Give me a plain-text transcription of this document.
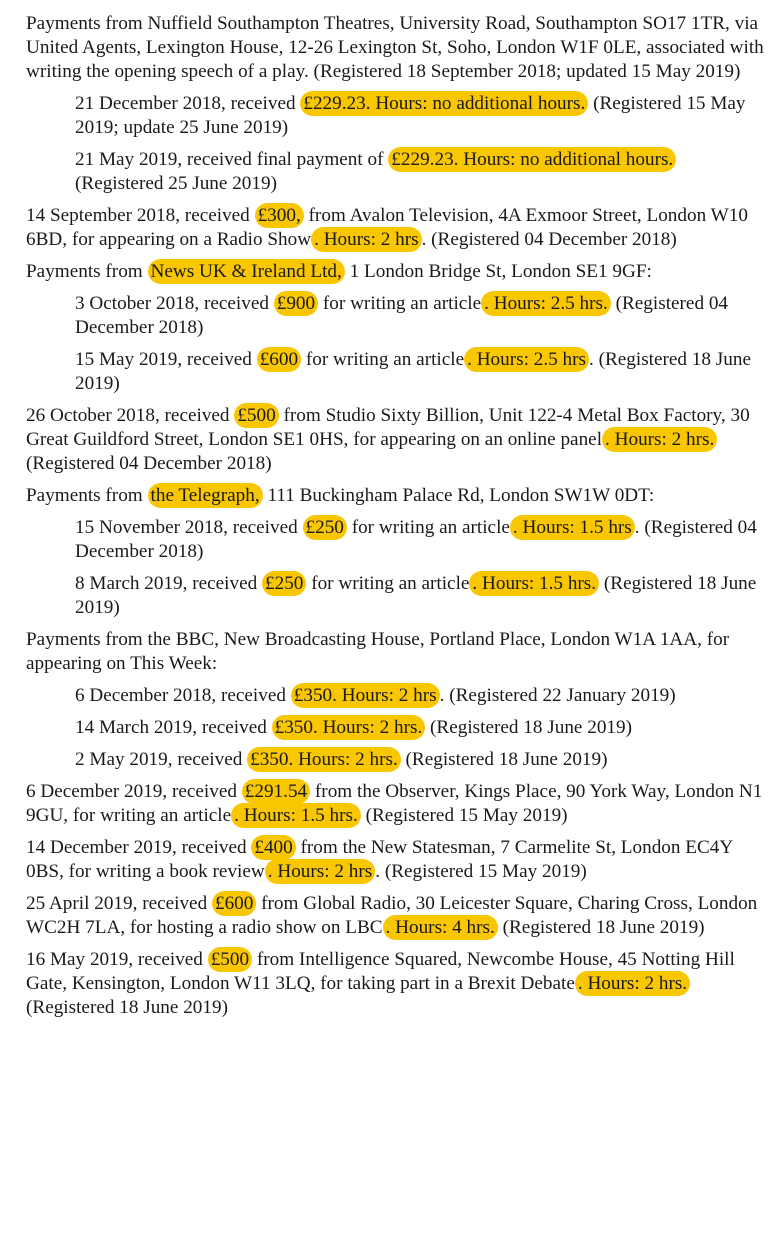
Payments from Nuffield Southampton Theatres, University Road, Southampton SO17 1TR, via United Agents, Lexington House, 12-26 Lexington St, Soho, London W1F 0LE, associated with writing the opening speech of a play. (Registered 18 September 2018; updated 15 May 2019)

21 December 2018, received £229.23. Hours: no additional hours. (Registered 15 May 2019; update 25 June 2019)

21 May 2019, received final payment of £229.23. Hours: no additional hours. (Registered 25 June 2019)

14 September 2018, received £300, from Avalon Television, 4A Exmoor Street, London W10 6BD, for appearing on a Radio Show . Hours: 2 hrs . (Registered 04 December 2018)

Payments from News UK & Ireland Ltd, 1 London Bridge St, London SE1 9GF:

3 October 2018, received £900 for writing an article . Hours: 2.5 hrs. (Registered 04 December 2018)

15 May 2019, received £600 for writing an article . Hours: 2.5 hrs . (Registered 18 June 2019)

26 October 2018, received £500 from Studio Sixty Billion, Unit 122-4 Metal Box Factory, 30 Great Guildford Street, London SE1 0HS, for appearing on an online panel . Hours: 2 hrs. (Registered 04 December 2018)

Payments from the Telegraph, 111 Buckingham Palace Rd, London SW1W 0DT:

15 November 2018, received £250 for writing an article . Hours: 1.5 hrs . (Registered 04 December 2018)

8 March 2019, received £250 for writing an article . Hours: 1.5 hrs. (Registered 18 June 2019)

Payments from the BBC, New Broadcasting House, Portland Place, London W1A 1AA, for appearing on This Week:

6 December 2018, received £350. Hours: 2 hrs . (Registered 22 January 2019)

14 March 2019, received £350. Hours: 2 hrs. (Registered 18 June 2019)

2 May 2019, received £350. Hours: 2 hrs. (Registered 18 June 2019)

6 December 2019, received £291.54 from the Observer, Kings Place, 90 York Way, London N1 9GU, for writing an article . Hours: 1.5 hrs. (Registered 15 May 2019)

14 December 2019, received £400 from the New Statesman, 7 Carmelite St, London EC4Y 0BS, for writing a book review . Hours: 2 hrs . (Registered 15 May 2019)

25 April 2019, received £600 from Global Radio, 30 Leicester Square, Charing Cross, London WC2H 7LA, for hosting a radio show on LBC . Hours: 4 hrs. (Registered 18 June 2019)

16 May 2019, received £500 from Intelligence Squared, Newcombe House, 45 Notting Hill Gate, Kensington, London W11 3LQ, for taking part in a Brexit Debate . Hours: 2 hrs. (Registered 18 June 2019)
